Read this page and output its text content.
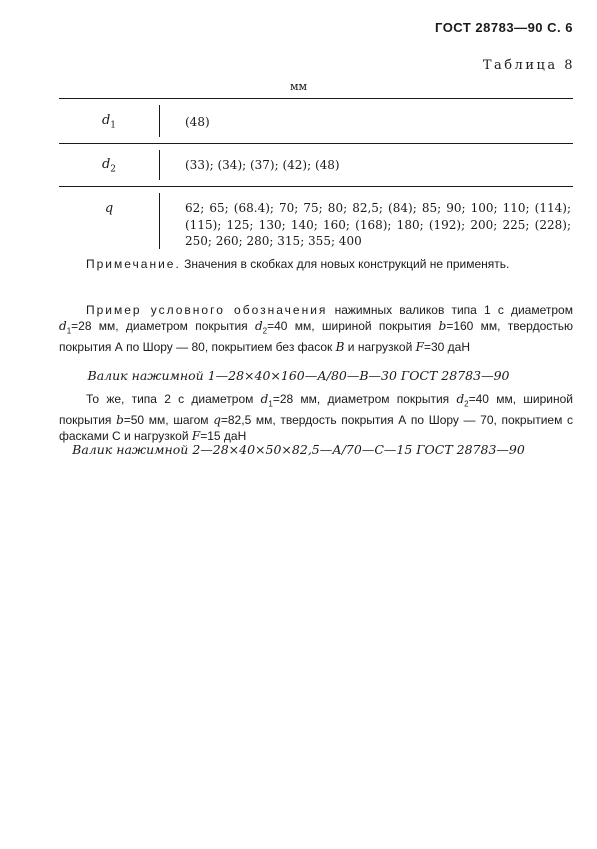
ГОСТ 28783—90 С. 6
Таблица 8
мм
$d_1$	(48)
$d_2$	(33); (34); (37); (42); (48)
q	62; 65; (68.4); 70; 75; 80; 82,5; (84); 85; 90; 100; 110; (114); (115); 125; 130; 140; 160; (168); 180; (192); 200; 225; (228); 250; 260; 280; 315; 355; 400
Примечание. Значения в скобках для новых конструкций не применять.
Пример условного обозначения нажимных валиков типа 1 с диаметром $d_1=28$ мм, диаметром покрытия $d_2=40$ мм, шириной покрытия b=160 мм, твердостью покрытия А по Шору — 80, покрытием без фасок B и нагрузкой F=30 даН
Валик нажимной 1—28×40×160—А/80—В—30 ГОСТ 28783—90
То же, типа 2 с диаметром $d_1=28$ мм, диаметром покрытия $d_2=40$ мм, шириной покрытия b=50 мм, шагом q=82,5 мм, твердость покрытия А по Шору — 70, покрытием с фасками С и нагрузкой F=15 даН
Валик нажимной 2—28×40×50×82,5—А/70—С—15 ГОСТ 28783—90
